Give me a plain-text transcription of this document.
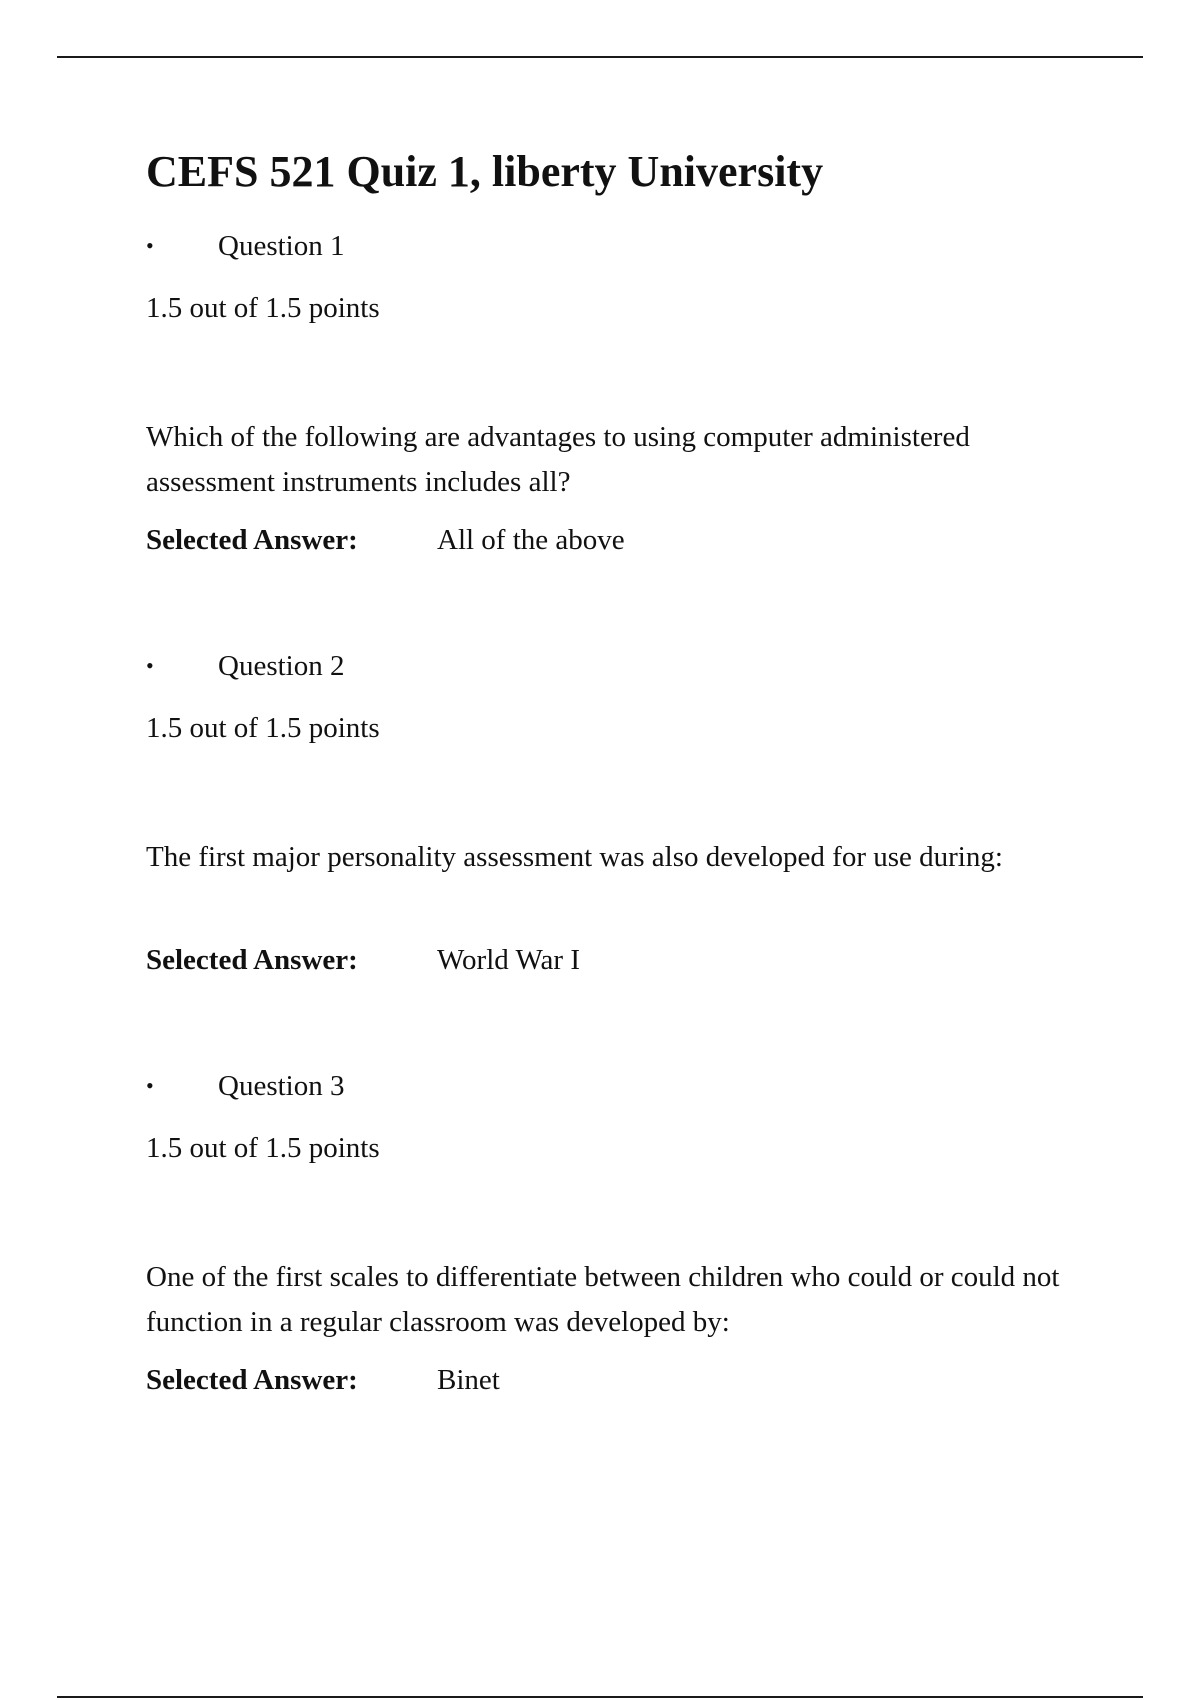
CEFS 521 Quiz 1, liberty University
• Question 1
1.5 out of 1.5 points
Which of the following are advantages to using computer administered assessment instruments includes all?
Selected Answer:	All of the above
• Question 2
1.5 out of 1.5 points
The first major personality assessment was also developed for use during:
Selected Answer:	World War I
• Question 3
1.5 out of 1.5 points
One of the first scales to differentiate between children who could or could not function in a regular classroom was developed by:
Selected Answer:	Binet
